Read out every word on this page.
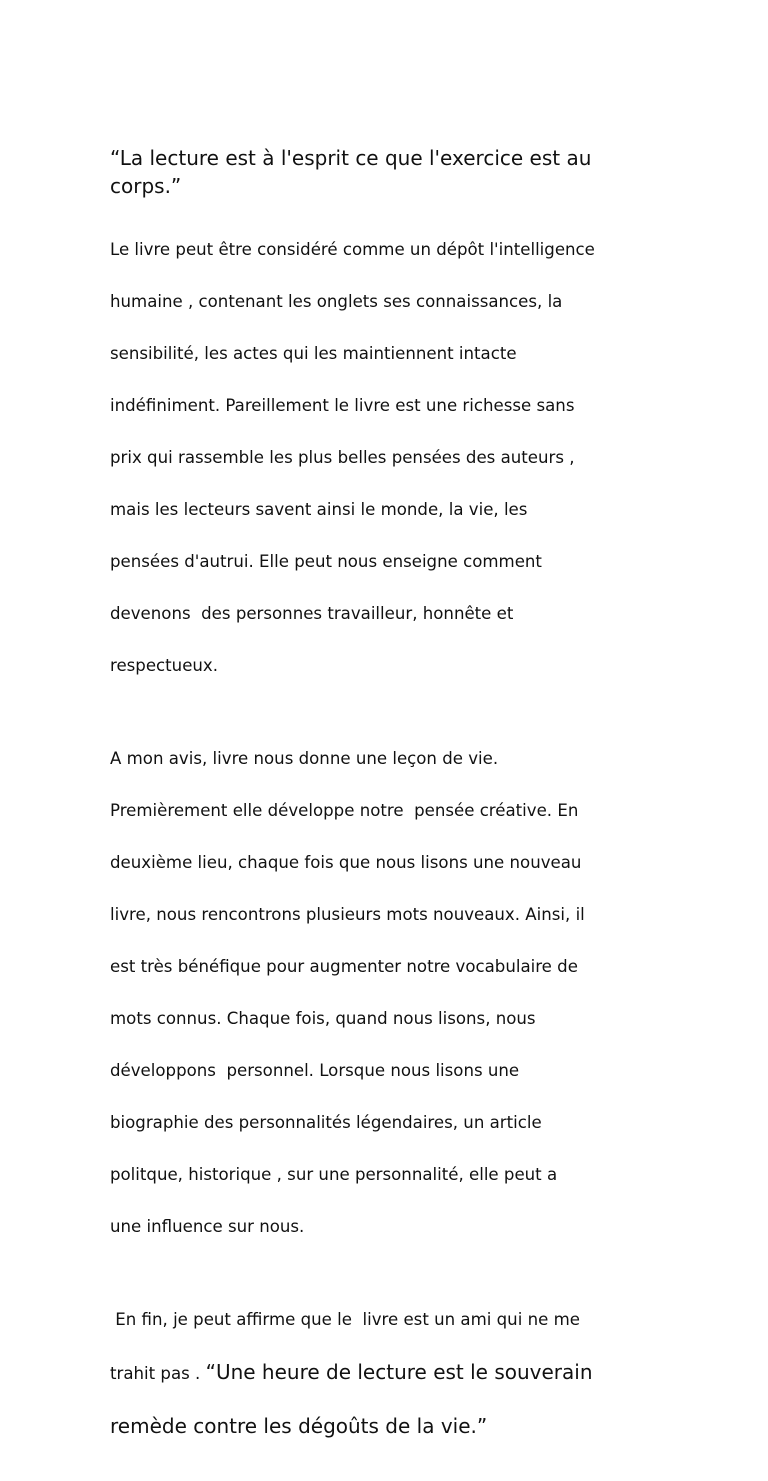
“La lecture est à l'esprit ce que l'exercice est au
corps.”

Le livre peut être considéré comme un dépôt l'intelligence

humaine , contenant les onglets ses connaissances, la

sensibilité, les actes qui les maintiennent intacte

indéfiniment. Pareillement le livre est une richesse sans

prix qui rassemble les plus belles pensées des auteurs ,

mais les lecteurs savent ainsi le monde, la vie, les

pensées d'autrui. Elle peut nous enseigne comment

devenons  des personnes travailleur, honnête et

respectueux.

A mon avis, livre nous donne une leçon de vie.

Premièrement elle développe notre  pensée créative. En

deuxième lieu, chaque fois que nous lisons une nouveau

livre, nous rencontrons plusieurs mots nouveaux. Ainsi, il

est très bénéfique pour augmenter notre vocabulaire de

mots connus. Chaque fois, quand nous lisons, nous

développons  personnel. Lorsque nous lisons une

biographie des personnalités légendaires, un article

politque, historique , sur une personnalité, elle peut a

une influence sur nous.

En fin, je peut affirme que le  livre est un ami qui ne me

trahit pas . “Une heure de lecture est le souverain

remède contre les dégoûts de la vie.”
